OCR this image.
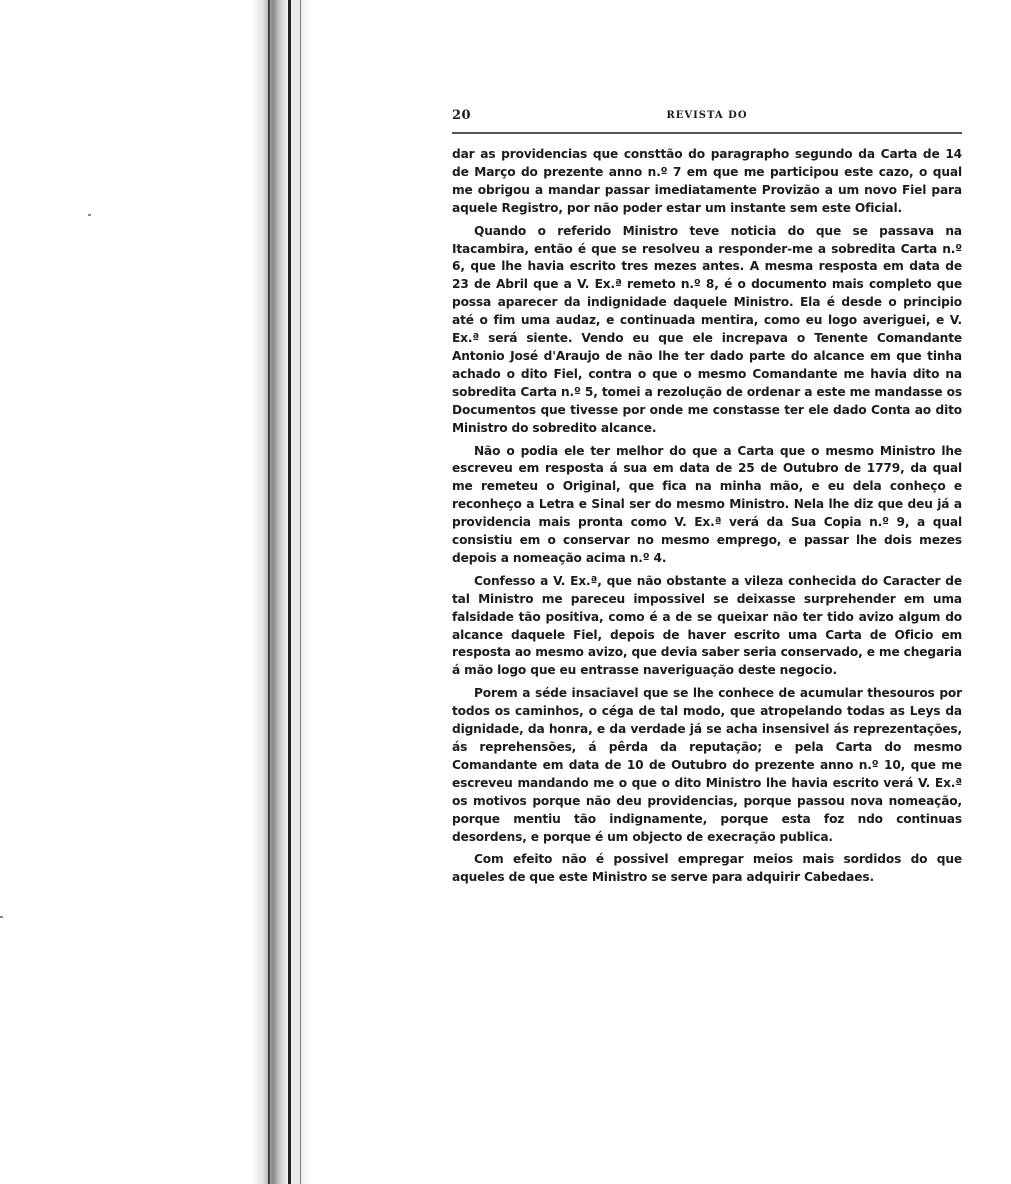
20	REVISTA DO

dar as providencias que consttão do paragrapho segundo da Carta de 14 de Março do prezente anno n.º 7 em que me participou este cazo, o qual me obrigou a mandar passar imediatamente Provizão a um novo Fiel para aquele Registro, por não poder estar um instante sem este Oficial.

Quando o referido Ministro teve noticia do que se passava na Itacambira, então é que se resolveu a responder-me a sobredita Carta n.º 6, que lhe havia escrito tres mezes antes. A mesma resposta em data de 23 de Abril que a V. Ex.ª remeto n.º 8, é o documento mais completo que possa aparecer da indignidade daquele Ministro. Ela é desde o principio até o fim uma audaz, e continuada mentira, como eu logo averiguei, e V. Ex.ª será siente. Vendo eu que ele increpava o Tenente Comandante Antonio José d'Araujo de não lhe ter dado parte do alcance em que tinha achado o dito Fiel, contra o que o mesmo Comandante me havia dito na sobredita Carta n.º 5, tomei a rezolução de ordenar a este me mandasse os Documentos que tivesse por onde me constasse ter ele dado Conta ao dito Ministro do sobredito alcance.

Não o podia ele ter melhor do que a Carta que o mesmo Ministro lhe escreveu em resposta á sua em data de 25 de Outubro de 1779, da qual me remeteu o Original, que fica na minha mão, e eu dela conheço e reconheço a Letra e Sinal ser do mesmo Ministro. Nela lhe diz que deu já a providencia mais pronta como V. Ex.ª verá da Sua Copia n.º 9, a qual consistiu em o conservar no mesmo emprego, e passar lhe dois mezes depois a nomeação acima n.º 4.

Confesso a V. Ex.ª, que não obstante a vileza conhecida do Caracter de tal Ministro me pareceu impossivel se deixasse surprehender em uma falsidade tão positiva, como é a de se queixar não ter tido avizo algum do alcance daquele Fiel, depois de haver escrito uma Carta de Oficio em resposta ao mesmo avizo, que devia saber seria conservado, e me chegaria á mão logo que eu entrasse naveriguação deste negocio.

Porem a séde insaciavel que se lhe conhece de acumular thesouros por todos os caminhos, o céga de tal modo, que atropelando todas as Leys da dignidade, da honra, e da verdade já se acha insensivel ás reprezentações, ás reprehensões, á pêrda da reputação; e pela Carta do mesmo Comandante em data de 10 de Outubro do prezente anno n.º 10, que me escreveu mandando me o que o dito Ministro lhe havia escrito verá V. Ex.ª os motivos porque não deu providencias, porque passou nova nomeação, porque mentiu tão indignamente, porque esta foz ndo continuas desordens, e porque é um objecto de execração publica.

Com efeito não é possivel empregar meios mais sordidos do que aqueles de que este Ministro se serve para adquirir Cabedaes.
